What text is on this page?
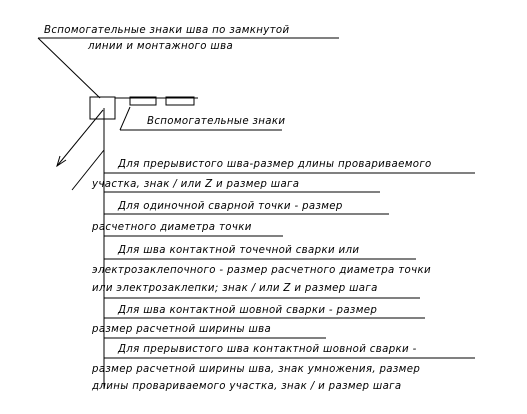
Вспомогательные знаки шва по замкнутой
линии и монтажного шва
Вспомогательные знаки
Для прерывистого шва-размер длины провариваемого
участка, знак / или Z и размер шага
Для одиночной сварной точки - размер
расчетного диаметра точки
Для шва контактной точечной сварки или
электрозаклепочного - размер расчетного диаметра точки
или электрозаклепки; знак / или Z и размер шага
Для шва контактной шовной сварки - размер
размер расчетной ширины шва
Для прерывистого шва контактной шовной сварки -
размер расчетной ширины шва, знак умножения, размер
длины провариваемого участка, знак / и размер шага
